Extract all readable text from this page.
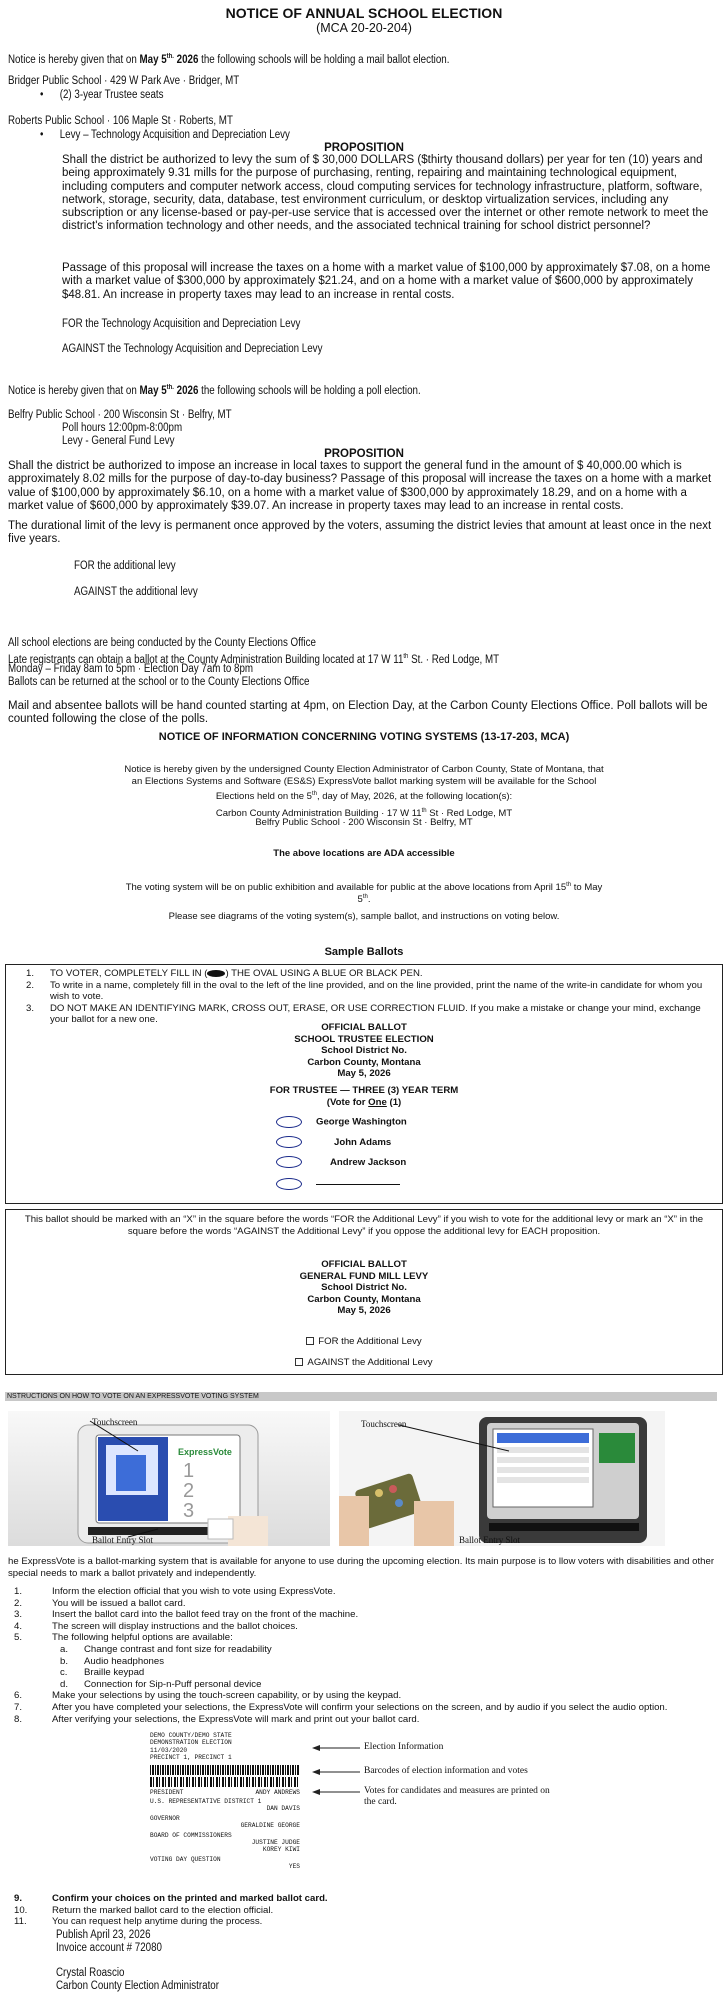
NOTICE OF ANNUAL SCHOOL ELECTION
(MCA 20-20-204)
Notice is hereby given that on May $5^{th.}$ 2026 the following schools will be holding a mail ballot election.
Bridger Public School · 429 W Park Ave · Bridger, MT
•      (2) 3-year Trustee seats
Roberts Public School · 106 Maple St · Roberts, MT
•      Levy – Technology Acquisition and Depreciation Levy
PROPOSITION
Shall the district be authorized to levy the sum of $ 30,000 DOLLARS ($thirty thousand dollars) per year for ten (10) years and being approximately 9.31 mills for the purpose of purchasing, renting, repairing and maintaining technological equipment, including computers and computer network access, cloud computing services for technology infrastructure, platform, software, network, storage, security, data, database, test environment curriculum, or desktop virtualization services, including any subscription or any license-based or pay-per-use service that is accessed over the internet or other remote network to meet the district's information technology and other needs, and the associated technical training for school district personnel?
Passage of this proposal will increase the taxes on a home with a market value of $100,000 by approximately $7.08, on a home with a market value of $300,000 by approximately $21.24, and on a home with a market value of $600,000 by approximately $48.81. An increase in property taxes may lead to an increase in rental costs.
FOR the Technology Acquisition and Depreciation Levy
AGAINST the Technology Acquisition and Depreciation Levy
Notice is hereby given that on May $5^{th.}$ 2026 the following schools will be holding a poll election.
Belfry Public School · 200 Wisconsin St · Belfry, MT
Poll hours 12:00pm-8:00pm
Levy - General Fund Levy
PROPOSITION
Shall the district be authorized to impose an increase in local taxes to support the general fund in the amount of $ 40,000.00 which is approximately 8.02 mills for the purpose of day-to-day business? Passage of this proposal will increase the taxes on a home with a market value of $100,000 by approximately $6.10, on a home with a market value of $300,000 by approximately 18.29, and on a home with a market value of $600,000 by approximately $39.07. An increase in property taxes may lead to an increase in rental costs.
The durational limit of the levy is permanent once approved by the voters, assuming the district levies that amount at least once in the next five years.
FOR the additional levy
AGAINST the additional levy
All school elections are being conducted by the County Elections Office
Late registrants can obtain a ballot at the County Administration Building located at 17 W 11th St. · Red Lodge, MT
Monday – Friday 8am to 5pm · Election Day 7am to 8pm
Ballots can be returned at the school or to the County Elections Office
Mail and absentee ballots will be hand counted starting at 4pm, on Election Day, at the Carbon County Elections Office. Poll ballots will be counted following the close of the polls.
NOTICE OF INFORMATION CONCERNING VOTING SYSTEMS (13-17-203, MCA)
Notice is hereby given by the undersigned County Election Administrator of Carbon County, State of Montana, that
an Elections Systems and Software (ES&S) ExpressVote ballot marking system will be available for the School
Elections held on the 5th, day of May, 2026, at the following location(s):
Carbon County Administration Building · 17 W 11th St · Red Lodge, MT
Belfry Public School · 200 Wisconsin St · Belfry, MT
The above locations are ADA accessible
The voting system will be on public exhibition and available for public at the above locations from April 15th to May
5th.
Please see diagrams of the voting system(s), sample ballot, and instructions on voting below.
Sample Ballots
1. TO VOTER, COMPLETELY FILL IN ( ) THE OVAL USING A BLUE OR BLACK PEN.
2. To write in a name, completely fill in the oval to the left of the line provided, and on the line provided, print the name of the write-in candidate for whom you wish to vote.
3. DO NOT MAKE AN IDENTIFYING MARK, CROSS OUT, ERASE, OR USE CORRECTION FLUID. If you make a mistake or change your mind, exchange your ballot for a new one.
OFFICIAL BALLOT
SCHOOL TRUSTEE ELECTION
School District No.
Carbon County, Montana
May 5, 2026
FOR TRUSTEE — THREE (3) YEAR TERM
(Vote for One (1)
George Washington
John Adams
Andrew Jackson
This ballot should be marked with an “X” in the square before the words “FOR the Additional Levy” if you wish to vote for the additional levy or mark an “X” in the square before the words “AGAINST the Additional Levy” if you oppose the additional levy for EACH proposition.
OFFICIAL BALLOT
GENERAL FUND MILL LEVY
School District No.
Carbon County, Montana
May 5, 2026
FOR the Additional Levy
AGAINST the Additional Levy
NSTRUCTIONS ON HOW TO VOTE ON AN EXPRESSVOTE VOTING SYSTEM
ExpressVote
1
2
3
Touchscreen
Ballot Entry Slot
Touchscreen
Ballot Entry Slot
he ExpressVote is a ballot-marking system that is available for anyone to use during the upcoming election. Its main purpose is to llow voters with disabilities and other special needs to mark a ballot privately and independently.
1.	Inform the election official that you wish to vote using ExpressVote.
2.	You will be issued a ballot card.
3.	Insert the ballot card into the ballot feed tray on the front of the machine.
4.	The screen will display instructions and the ballot choices.
5.	The following helpful options are available:
a. Change contrast and font size for readability
b. Audio headphones
c. Braille keypad
d. Connection for Sip-n-Puff personal device
6.	Make your selections by using the touch-screen capability, or by using the keypad.
7.	After you have completed your selections, the ExpressVote will confirm your selections on the screen, and by audio if you select the audio option.
8.	After verifying your selections, the ExpressVote will mark and print out your ballot card.
DEMO COUNTY/DEMO STATE
DEMONSTRATION ELECTION
11/03/2020
PRECINCT 1, PRECINCT 1
PRESIDENT	ANDY ANDREWS
U.S. REPRESENTATIVE DISTRICT 1
DAN DAVIS
GOVERNOR
GERALDINE GEORGE
BOARD OF COMMISSIONERS
JUSTINE JUDGE
KOREY KIWI
VOTING DAY QUESTION
YES
Election Information
Barcodes of election information and votes
Votes for candidates and measures are printed on the card.
9.	Confirm your choices on the printed and marked ballot card.
10.	Return the marked ballot card to the election official.
11.	You can request help anytime during the process.
Publish April 23, 2026
Invoice account # 72080
Crystal Roascio
Carbon County Election Administrator
